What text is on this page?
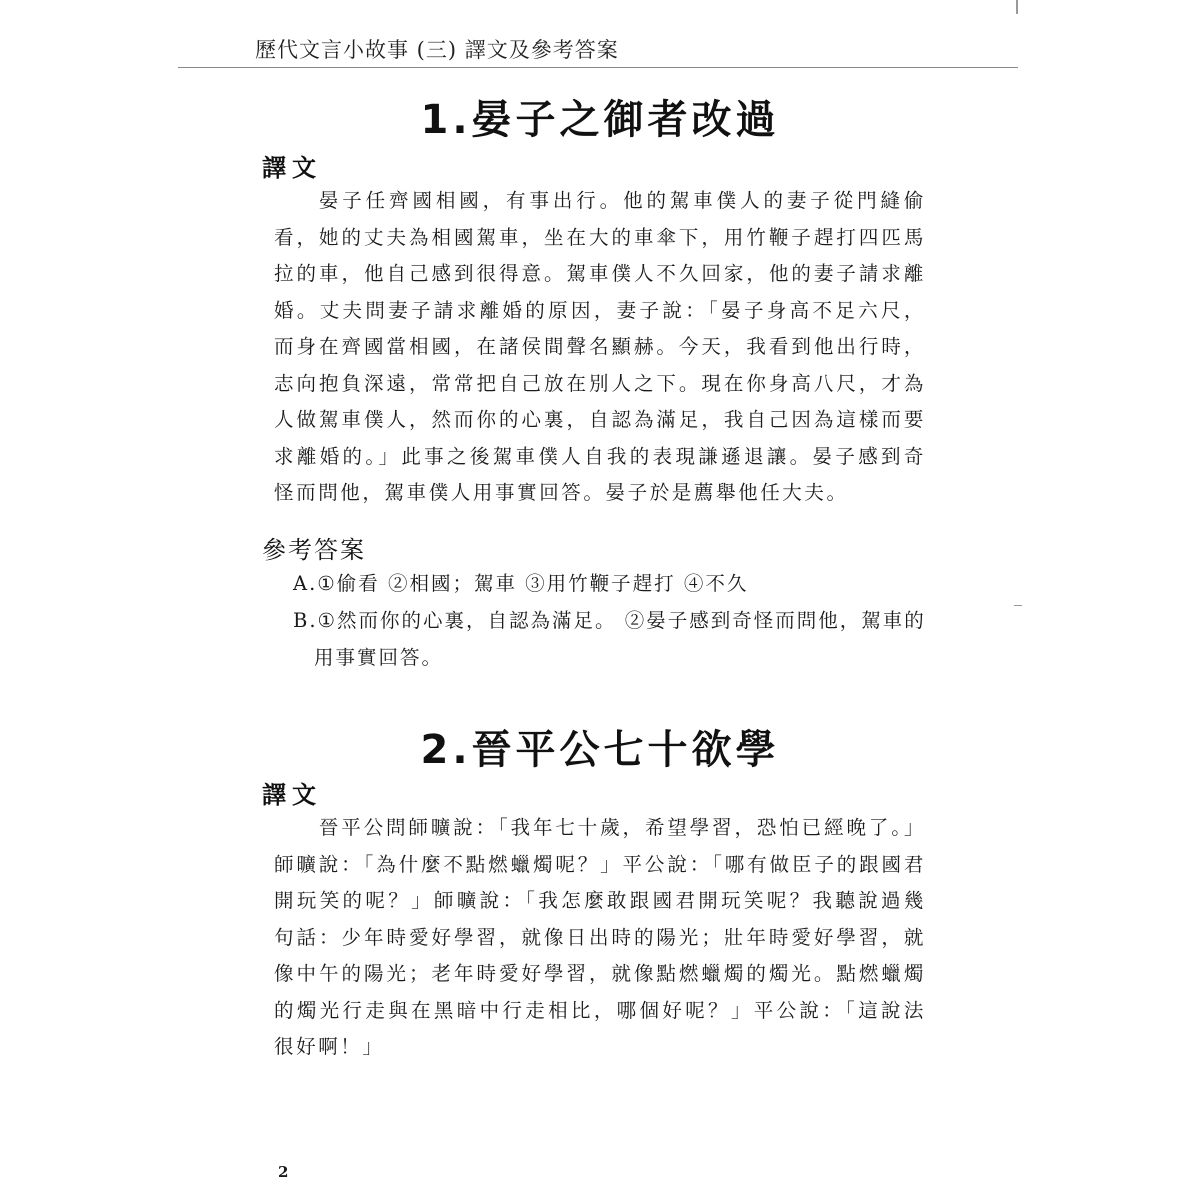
歷代文言小故事 (三) 譯文及參考答案
1.晏子之御者改過
譯文
晏子任齊國相國，有事出行。他的駕車僕人的妻子從門縫偷看，她的丈夫為相國駕車，坐在大的車傘下，用竹鞭子趕打四匹馬拉的車，他自己感到很得意。駕車僕人不久回家，他的妻子請求離婚。丈夫問妻子請求離婚的原因，妻子說：「晏子身高不足六尺，而身在齊國當相國，在諸侯間聲名顯赫。今天，我看到他出行時，志向抱負深遠，常常把自己放在別人之下。現在你身高八尺，才為人做駕車僕人，然而你的心裏，自認為滿足，我自己因為這樣而要求離婚的。」此事之後駕車僕人自我的表現謙遜退讓。晏子感到奇怪而問他，駕車僕人用事實回答。晏子於是薦舉他任大夫。
參考答案
A.①偷看 ②相國；駕車 ③用竹鞭子趕打 ④不久
B.①然而你的心裏，自認為滿足。 ②晏子感到奇怪而問他，駕車的
用事實回答。
2.晉平公七十欲學
譯文
晉平公問師曠說：「我年七十歲，希望學習，恐怕已經晚了。」師曠說：「為什麼不點燃蠟燭呢？」平公說：「哪有做臣子的跟國君開玩笑的呢？」師曠說：「我怎麼敢跟國君開玩笑呢？我聽說過幾句話：少年時愛好學習，就像日出時的陽光；壯年時愛好學習，就像中午的陽光；老年時愛好學習，就像點燃蠟燭的燭光。點燃蠟燭的燭光行走與在黑暗中行走相比，哪個好呢？」平公說：「這說法很好啊！」
2
